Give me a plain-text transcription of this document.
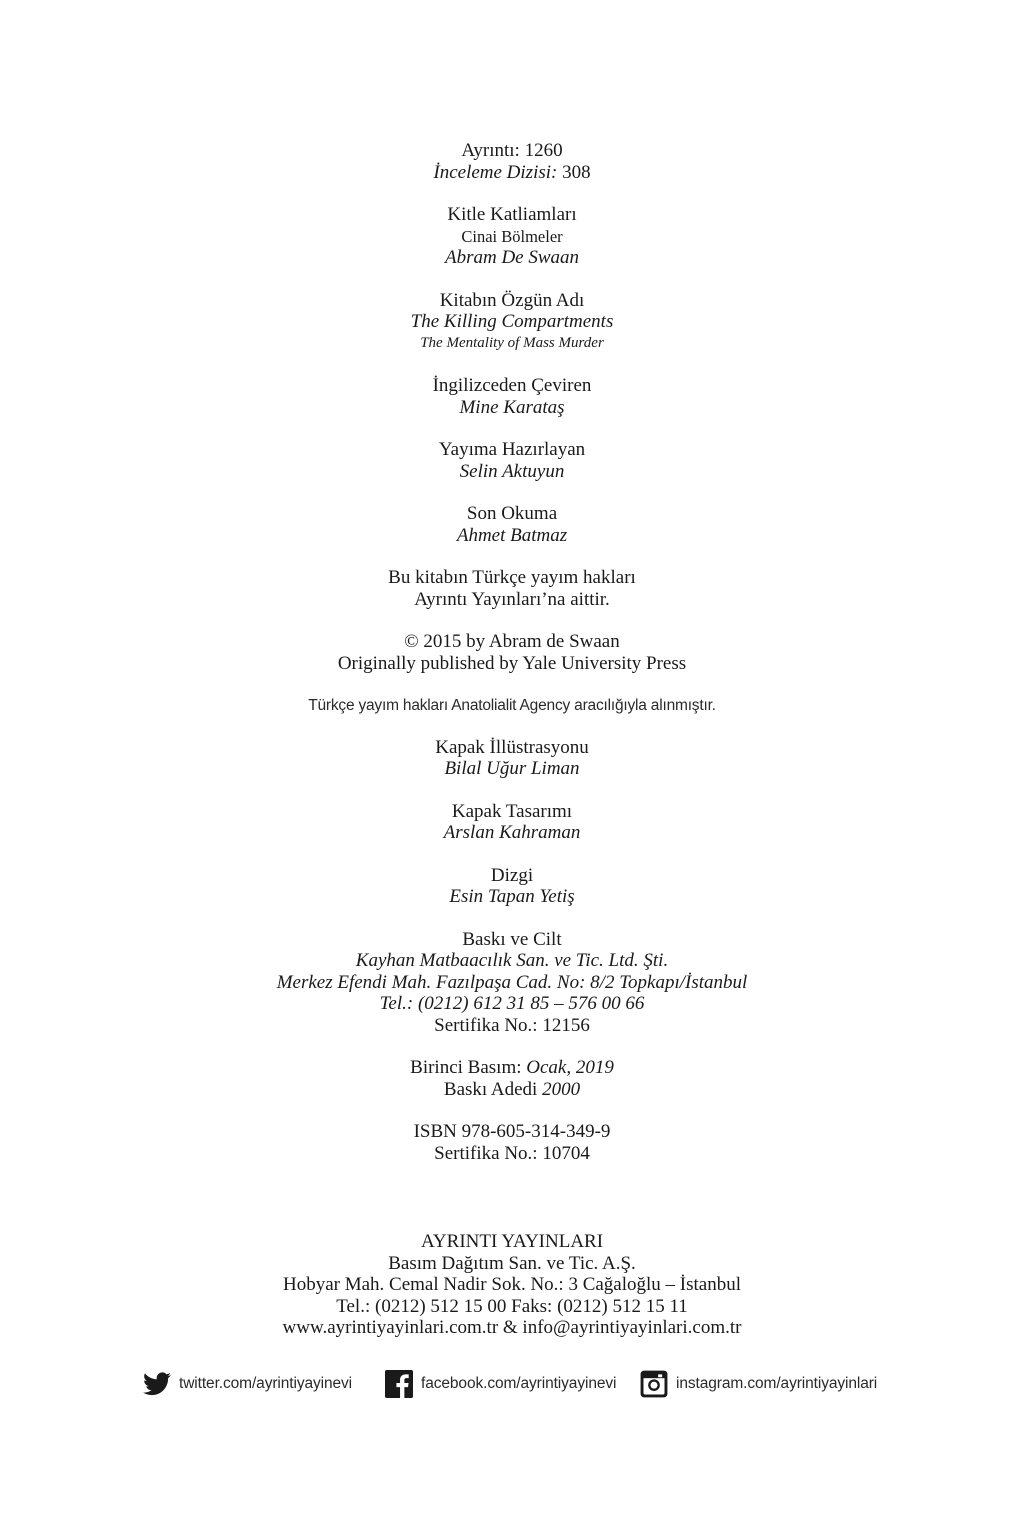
Ayrıntı: 1260
İnceleme Dizisi: 308
Kitle Katliamları
Cinai Bölmeler
Abram De Swaan
Kitabın Özgün Adı
The Killing Compartments
The Mentality of Mass Murder
İngilizceden Çeviren
Mine Karataş
Yayıma Hazırlayan
Selin Aktuyun
Son Okuma
Ahmet Batmaz
Bu kitabın Türkçe yayım hakları
Ayrıntı Yayınları’na aittir.
© 2015 by Abram de Swaan
Originally published by Yale University Press
Türkçe yayım hakları Anatolialit Agency aracılığıyla alınmıştır.
Kapak İllüstrasyonu
Bilal Uğur Liman
Kapak Tasarımı
Arslan Kahraman
Dizgi
Esin Tapan Yetiş
Baskı ve Cilt
Kayhan Matbaacılık San. ve Tic. Ltd. Şti.
Merkez Efendi Mah. Fazılpaşa Cad. No: 8/2 Topkapı/İstanbul
Tel.: (0212) 612 31 85 – 576 00 66
Sertifika No.: 12156
Birinci Basım: Ocak, 2019
Baskı Adedi 2000
ISBN 978-605-314-349-9
Sertifika No.: 10704
AYRINTI YAYINLARI
Basım Dağıtım San. ve Tic. A.Ş.
Hobyar Mah. Cemal Nadir Sok. No.: 3 Cağaloğlu – İstanbul
Tel.: (0212) 512 15 00 Faks: (0212) 512 15 11
www.ayrintiyayinlari.com.tr & info@ayrintiyayinlari.com.tr
twitter.com/ayrintiyayinevi	facebook.com/ayrintiyayinevi	instagram.com/ayrintiyayinlari
